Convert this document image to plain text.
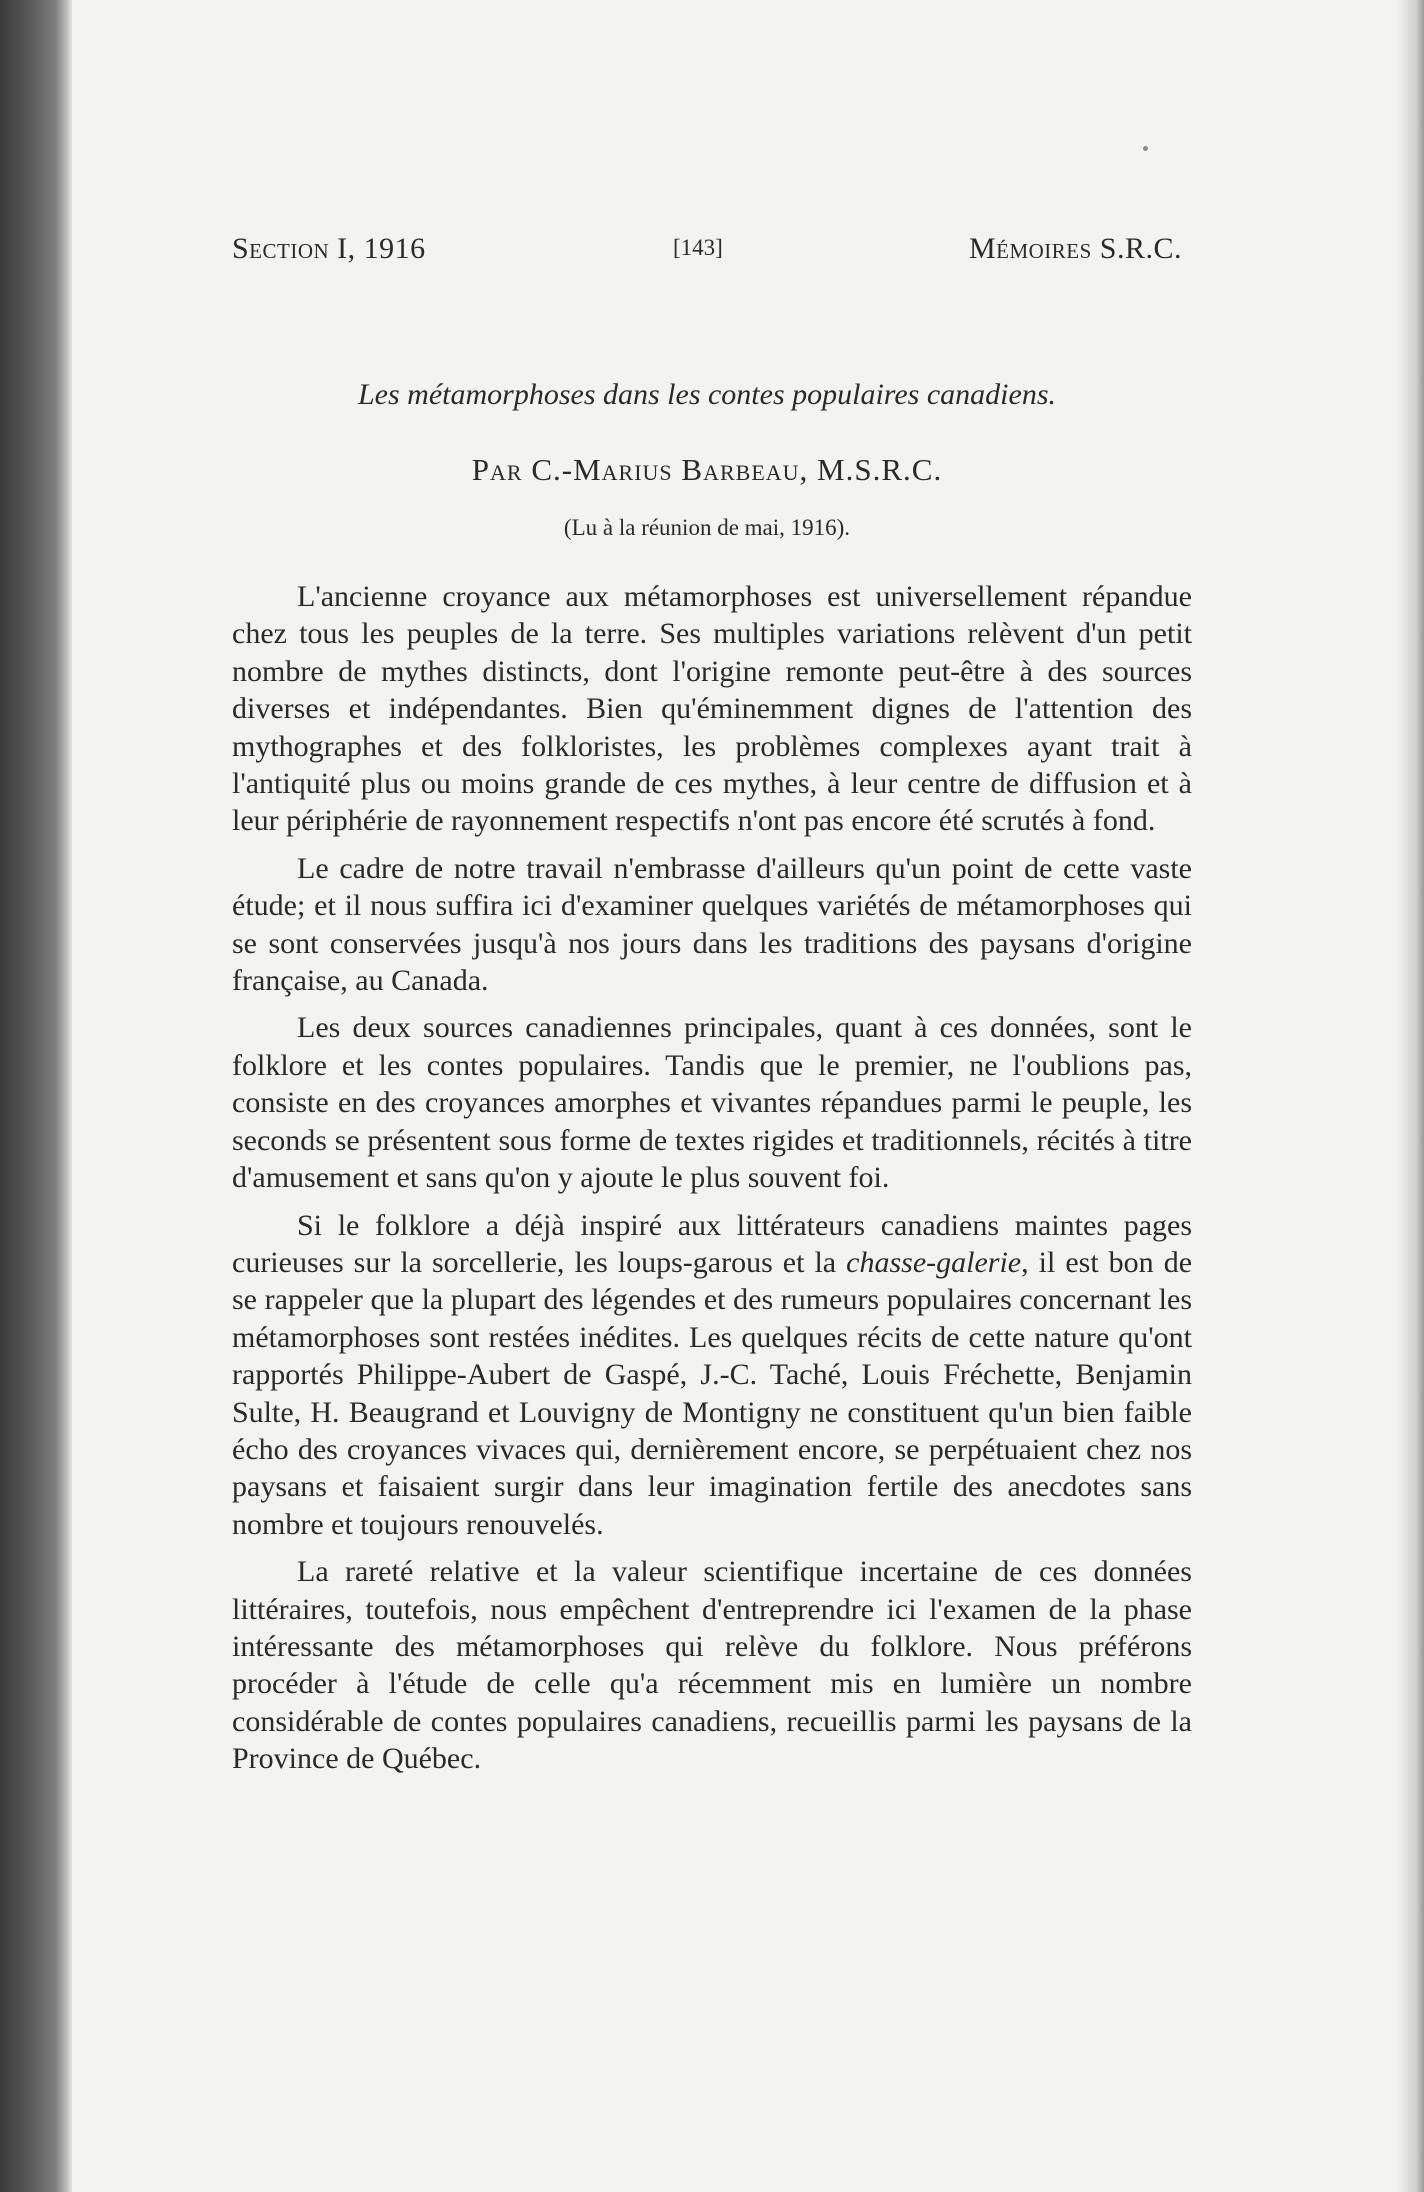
Section I, 1916	[143]	Mémoires S.R.C.
Les métamorphoses dans les contes populaires canadiens.
Par C.-Marius Barbeau, M.S.R.C.
(Lu à la réunion de mai, 1916).

L'ancienne croyance aux métamorphoses est universellement répandue chez tous les peuples de la terre. Ses multiples variations relèvent d'un petit nombre de mythes distincts, dont l'origine remonte peut-être à des sources diverses et indépendantes. Bien qu'éminemment dignes de l'attention des mythographes et des folkloristes, les problèmes complexes ayant trait à l'antiquité plus ou moins grande de ces mythes, à leur centre de diffusion et à leur périphérie de rayonnement respectifs n'ont pas encore été scrutés à fond.

Le cadre de notre travail n'embrasse d'ailleurs qu'un point de cette vaste étude; et il nous suffira ici d'examiner quelques variétés de métamorphoses qui se sont conservées jusqu'à nos jours dans les traditions des paysans d'origine française, au Canada.

Les deux sources canadiennes principales, quant à ces données, sont le folklore et les contes populaires. Tandis que le premier, ne l'oublions pas, consiste en des croyances amorphes et vivantes répandues parmi le peuple, les seconds se présentent sous forme de textes rigides et traditionnels, récités à titre d'amusement et sans qu'on y ajoute le plus souvent foi.

Si le folklore a déjà inspiré aux littérateurs canadiens maintes pages curieuses sur la sorcellerie, les loups-garous et la chasse-galerie, il est bon de se rappeler que la plupart des légendes et des rumeurs populaires concernant les métamorphoses sont restées inédites. Les quelques récits de cette nature qu'ont rapportés Philippe-Aubert de Gaspé, J.-C. Taché, Louis Fréchette, Benjamin Sulte, H. Beaugrand et Louvigny de Montigny ne constituent qu'un bien faible écho des croyances vivaces qui, dernièrement encore, se perpétuaient chez nos paysans et faisaient surgir dans leur imagination fertile des anecdotes sans nombre et toujours renouvelés.

La rareté relative et la valeur scientifique incertaine de ces données littéraires, toutefois, nous empêchent d'entreprendre ici l'examen de la phase intéressante des métamorphoses qui relève du folklore. Nous préférons procéder à l'étude de celle qu'a récemment mis en lumière un nombre considérable de contes populaires canadiens, recueillis parmi les paysans de la Province de Québec.
